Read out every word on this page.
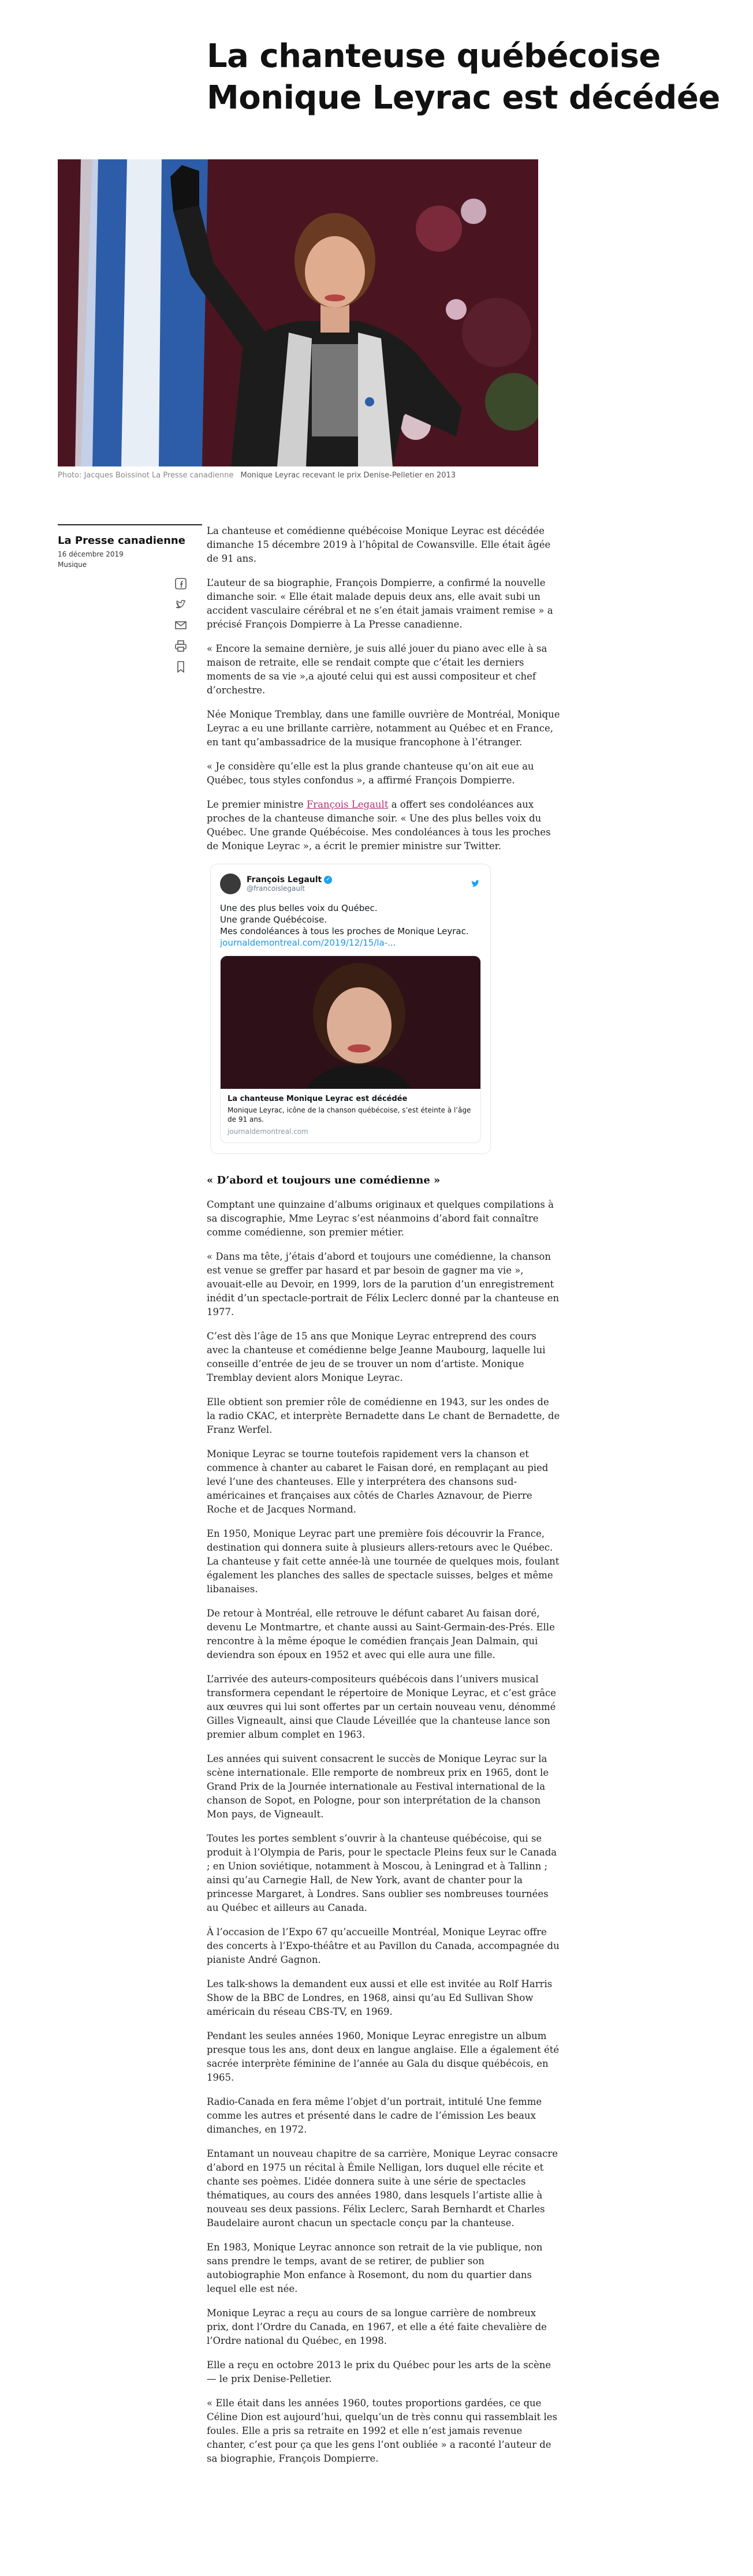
La chanteuse québécoise Monique Leyrac est décédée
Photo: Jacques Boissinot La Presse canadienne Monique Leyrac recevant le prix Denise-Pelletier en 2013
La Presse canadienne
16 décembre 2019
Musique

La chanteuse et comédienne québécoise Monique Leyrac est décédée dimanche 15 décembre 2019 à l’hôpital de Cowansville. Elle était âgée de 91 ans.

L’auteur de sa biographie, François Dompierre, a confirmé la nouvelle dimanche soir. « Elle était malade depuis deux ans, elle avait subi un accident vasculaire cérébral et ne s’en était jamais vraiment remise » a précisé François Dompierre à La Presse canadienne.

« Encore la semaine dernière, je suis allé jouer du piano avec elle à sa maison de retraite, elle se rendait compte que c’était les derniers moments de sa vie »,a ajouté celui qui est aussi compositeur et chef d’orchestre.

Née Monique Tremblay, dans une famille ouvrière de Montréal, Monique Leyrac a eu une brillante carrière, notamment au Québec et en France, en tant qu’ambassadrice de la musique francophone à l’étranger.

« Je considère qu’elle est la plus grande chanteuse qu’on ait eue au Québec, tous styles confondus », a affirmé François Dompierre.

Le premier ministre François Legault a offert ses condoléances aux proches de la chanteuse dimanche soir. « Une des plus belles voix du Québec. Une grande Québécoise. Mes condoléances à tous les proches de Monique Leyrac », a écrit le premier ministre sur Twitter.

François Legault ✓
@francoislegault
Une des plus belles voix du Québec.
Une grande Québécoise.
Mes condoléances à tous les proches de Monique Leyrac.
journaldemontreal.com/2019/12/15/la-...
La chanteuse Monique Leyrac est décédée
Monique Leyrac, icône de la chanson québécoise, s’est éteinte à l’âge de 91 ans.
journaldemontreal.com
« D’abord et toujours une comédienne »

Comptant une quinzaine d’albums originaux et quelques compilations à sa discographie, Mme Leyrac s’est néanmoins d’abord fait connaître comme comédienne, son premier métier.

« Dans ma tête, j’étais d’abord et toujours une comédienne, la chanson est venue se greffer par hasard et par besoin de gagner ma vie », avouait-elle au Devoir, en 1999, lors de la parution d’un enregistrement inédit d’un spectacle-portrait de Félix Leclerc donné par la chanteuse en 1977.

C’est dès l’âge de 15 ans que Monique Leyrac entreprend des cours avec la chanteuse et comédienne belge Jeanne Maubourg, laquelle lui conseille d’entrée de jeu de se trouver un nom d’artiste. Monique Tremblay devient alors Monique Leyrac.

Elle obtient son premier rôle de comédienne en 1943, sur les ondes de la radio CKAC, et interprète Bernadette dans Le chant de Bernadette, de Franz Werfel.

Monique Leyrac se tourne toutefois rapidement vers la chanson et commence à chanter au cabaret le Faisan doré, en remplaçant au pied levé l’une des chanteuses. Elle y interprétera des chansons sud-américaines et françaises aux côtés de Charles Aznavour, de Pierre Roche et de Jacques Normand.

En 1950, Monique Leyrac part une première fois découvrir la France, destination qui donnera suite à plusieurs allers-retours avec le Québec. La chanteuse y fait cette année-là une tournée de quelques mois, foulant également les planches des salles de spectacle suisses, belges et même libanaises.

De retour à Montréal, elle retrouve le défunt cabaret Au faisan doré, devenu Le Montmartre, et chante aussi au Saint-Germain-des-Prés. Elle rencontre à la même époque le comédien français Jean Dalmain, qui deviendra son époux en 1952 et avec qui elle aura une fille.

L’arrivée des auteurs-compositeurs québécois dans l’univers musical transformera cependant le répertoire de Monique Leyrac, et c’est grâce aux œuvres qui lui sont offertes par un certain nouveau venu, dénommé Gilles Vigneault, ainsi que Claude Léveillée que la chanteuse lance son premier album complet en 1963.

Les années qui suivent consacrent le succès de Monique Leyrac sur la scène internationale. Elle remporte de nombreux prix en 1965, dont le Grand Prix de la Journée internationale au Festival international de la chanson de Sopot, en Pologne, pour son interprétation de la chanson Mon pays, de Vigneault.

Toutes les portes semblent s’ouvrir à la chanteuse québécoise, qui se produit à l’Olympia de Paris, pour le spectacle Pleins feux sur le Canada ; en Union soviétique, notamment à Moscou, à Leningrad et à Tallinn ; ainsi qu’au Carnegie Hall, de New York, avant de chanter pour la princesse Margaret, à Londres. Sans oublier ses nombreuses tournées au Québec et ailleurs au Canada.

À l’occasion de l’Expo 67 qu’accueille Montréal, Monique Leyrac offre des concerts à l’Expo-théâtre et au Pavillon du Canada, accompagnée du pianiste André Gagnon.

Les talk-shows la demandent eux aussi et elle est invitée au Rolf Harris Show de la BBC de Londres, en 1968, ainsi qu’au Ed Sullivan Show américain du réseau CBS-TV, en 1969.

Pendant les seules années 1960, Monique Leyrac enregistre un album presque tous les ans, dont deux en langue anglaise. Elle a également été sacrée interprète féminine de l’année au Gala du disque québécois, en 1965.

Radio-Canada en fera même l’objet d’un portrait, intitulé Une femme comme les autres et présenté dans le cadre de l’émission Les beaux dimanches, en 1972.

Entamant un nouveau chapitre de sa carrière, Monique Leyrac consacre d’abord en 1975 un récital à Émile Nelligan, lors duquel elle récite et chante ses poèmes. L’idée donnera suite à une série de spectacles thématiques, au cours des années 1980, dans lesquels l’artiste allie à nouveau ses deux passions. Félix Leclerc, Sarah Bernhardt et Charles Baudelaire auront chacun un spectacle conçu par la chanteuse.

En 1983, Monique Leyrac annonce son retrait de la vie publique, non sans prendre le temps, avant de se retirer, de publier son autobiographie Mon enfance à Rosemont, du nom du quartier dans lequel elle est née.

Monique Leyrac a reçu au cours de sa longue carrière de nombreux prix, dont l’Ordre du Canada, en 1967, et elle a été faite chevalière de l’Ordre national du Québec, en 1998.

Elle a reçu en octobre 2013 le prix du Québec pour les arts de la scène — le prix Denise-Pelletier.

« Elle était dans les années 1960, toutes proportions gardées, ce que Céline Dion est aujourd’hui, quelqu’un de très connu qui rassemblait les foules. Elle a pris sa retraite en 1992 et elle n’est jamais revenue chanter, c’est pour ça que les gens l’ont oubliée » a raconté l’auteur de sa biographie, François Dompierre.
